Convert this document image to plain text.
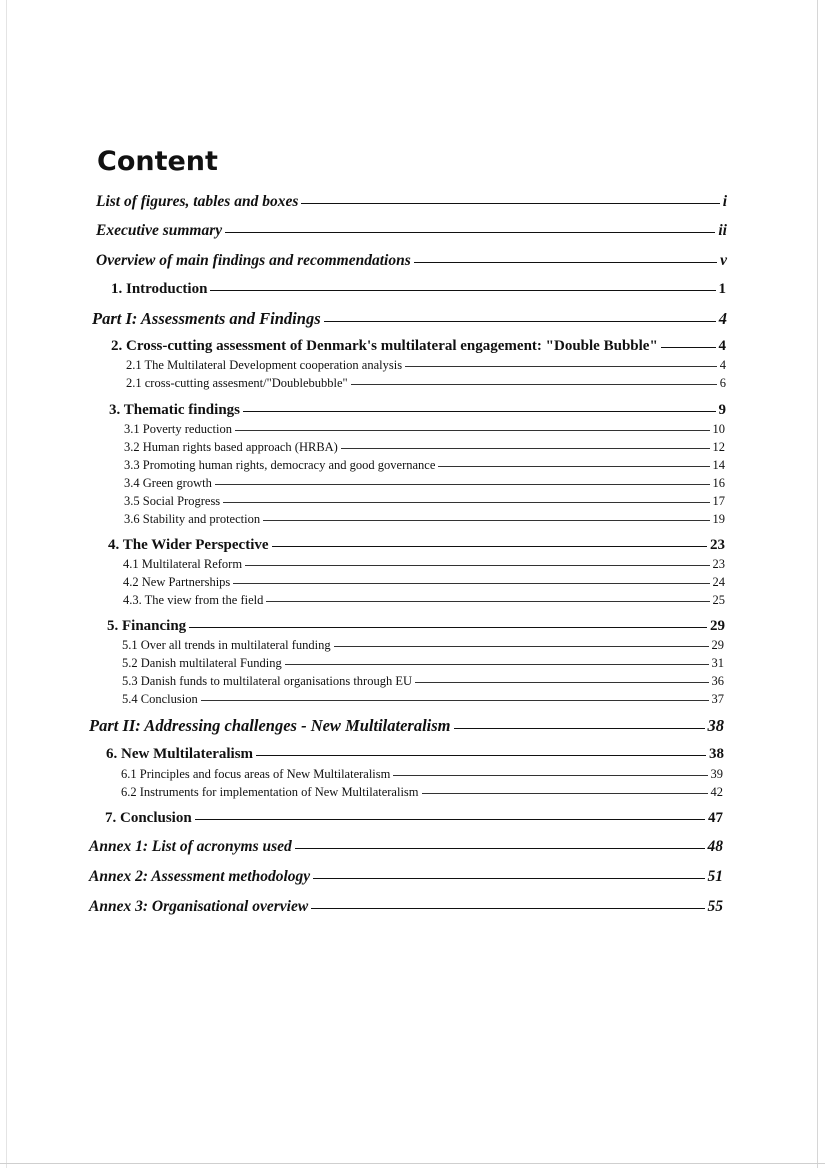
Content
List of figures, tables and boxes	i
Executive summary	ii
Overview of main findings and recommendations	v
1. Introduction	1
Part I: Assessments and Findings	4
2. Cross-cutting assessment of Denmark's multilateral engagement: "Double Bubble"	4
2.1 The Multilateral Development cooperation analysis	4
2.1 cross-cutting assesment/"Doublebubble"	6
3. Thematic findings	9
3.1 Poverty reduction	10
3.2 Human rights based approach (HRBA)	12
3.3 Promoting human rights, democracy and good governance	14
3.4 Green growth	16
3.5 Social Progress	17
3.6 Stability and protection	19
4. The Wider Perspective	23
4.1 Multilateral Reform	23
4.2 New Partnerships	24
4.3. The view from the field	25
5. Financing	29
5.1 Over all trends in multilateral funding	29
5.2 Danish multilateral Funding	31
5.3 Danish funds to multilateral organisations through EU	36
5.4 Conclusion	37
Part II: Addressing challenges - New Multilateralism	38
6. New Multilateralism	38
6.1 Principles and focus areas of New Multilateralism	39
6.2 Instruments for implementation of New Multilateralism	42
7. Conclusion	47
Annex 1: List of acronyms used	48
Annex 2: Assessment methodology	51
Annex 3: Organisational overview	55
